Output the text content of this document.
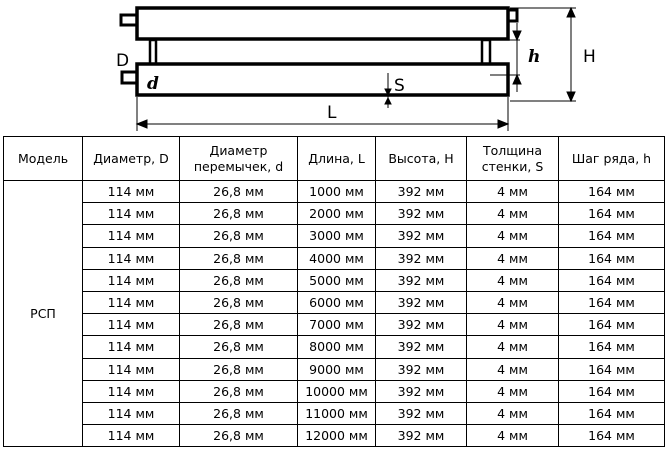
D
d
h	H
S
L
Модель	Диаметр, D	Диаметр перемычек, d	Длина, L	Высота, H	Толщина стенки, S	Шаг ряда, h
РСП	114 мм	26,8 мм	1000 мм	392 мм	4 мм	164 мм
	114 мм	26,8 мм	2000 мм	392 мм	4 мм	164 мм
	114 мм	26,8 мм	3000 мм	392 мм	4 мм	164 мм
	114 мм	26,8 мм	4000 мм	392 мм	4 мм	164 мм
	114 мм	26,8 мм	5000 мм	392 мм	4 мм	164 мм
	114 мм	26,8 мм	6000 мм	392 мм	4 мм	164 мм
	114 мм	26,8 мм	7000 мм	392 мм	4 мм	164 мм
	114 мм	26,8 мм	8000 мм	392 мм	4 мм	164 мм
	114 мм	26,8 мм	9000 мм	392 мм	4 мм	164 мм
	114 мм	26,8 мм	10000 мм	392 мм	4 мм	164 мм
	114 мм	26,8 мм	11000 мм	392 мм	4 мм	164 мм
	114 мм	26,8 мм	12000 мм	392 мм	4 мм	164 мм
